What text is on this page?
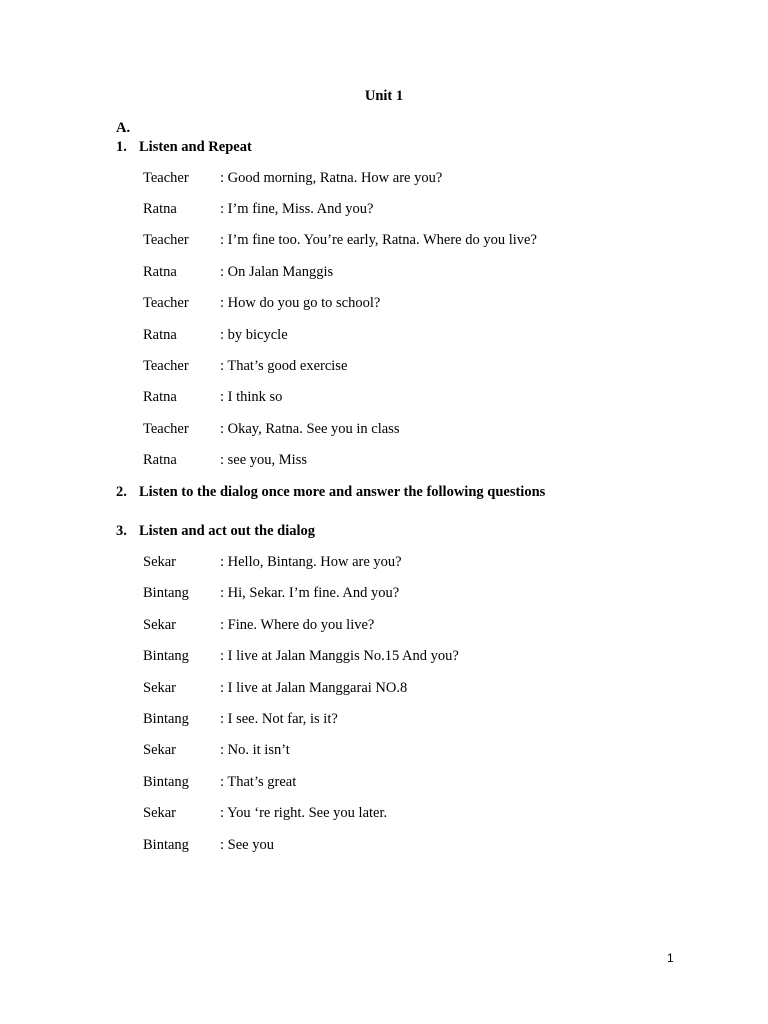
Unit 1
A.
1. Listen and Repeat
Teacher : Good morning, Ratna. How are you?
Ratna	: I’m fine, Miss. And you?
Teacher : I’m fine too. You’re early, Ratna. Where do you live?
Ratna	: On Jalan Manggis
Teacher : How do you go to school?
Ratna	: by bicycle
Teacher : That’s good exercise
Ratna	: I think so
Teacher : Okay, Ratna. See you in class
Ratna	: see you, Miss
2. Listen to the dialog once more and answer the following questions
3. Listen and act out the dialog
Sekar	: Hello, Bintang. How are you?
Bintang : Hi, Sekar. I’m fine. And you?
Sekar	: Fine. Where do you live?
Bintang : I live at Jalan Manggis No.15 And you?
Sekar	: I live at Jalan Manggarai NO.8
Bintang : I see. Not far, is it?
Sekar	: No. it isn’t
Bintang : That’s great
Sekar	: You ‘re right. See you later.
Bintang : See you
1
